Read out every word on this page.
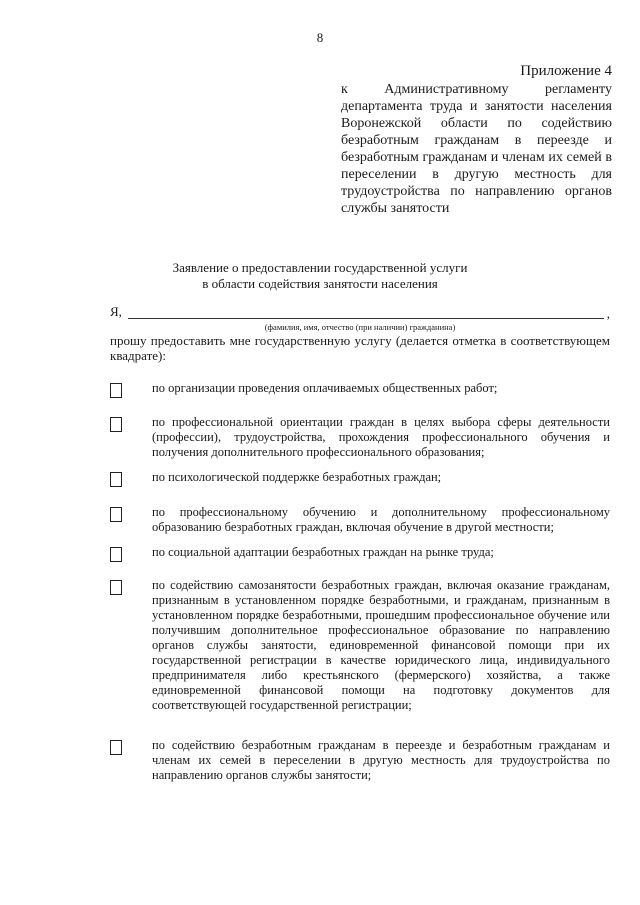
8
Приложение 4
к Административному регламенту департамента труда и занятости населения Воронежской области по содействию безработным гражданам в переезде и безработным гражданам и членам их семей в переселении в другую местность для трудоустройства по направлению органов службы занятости
Заявление о предоставлении государственной услуги
в области содействия занятости населения
Я,	,
(фамилия, имя, отчество (при наличии) гражданина)
прошу предоставить мне государственную услугу (делается отметка в соответствующем квадрате):
по организации проведения оплачиваемых общественных работ;
по профессиональной ориентации граждан в целях выбора сферы деятельности (профессии), трудоустройства, прохождения профессионального обучения и получения дополнительного профессионального образования;
по психологической поддержке безработных граждан;
по профессиональному обучению и дополнительному профессиональному образованию безработных граждан, включая обучение в другой местности;
по социальной адаптации безработных граждан на рынке труда;
по содействию самозанятости безработных граждан, включая оказание гражданам, признанным в установленном порядке безработными, и гражданам, признанным в установленном порядке безработными, прошедшим профессиональное обучение или получившим дополнительное профессиональное образование по направлению органов службы занятости, единовременной финансовой помощи при их государственной регистрации в качестве юридического лица, индивидуального предпринимателя либо крестьянского (фермерского) хозяйства, а также единовременной финансовой помощи на подготовку документов для соответствующей государственной регистрации;
по содействию безработным гражданам в переезде и безработным гражданам и членам их семей в переселении в другую местность для трудоустройства по направлению органов службы занятости;
